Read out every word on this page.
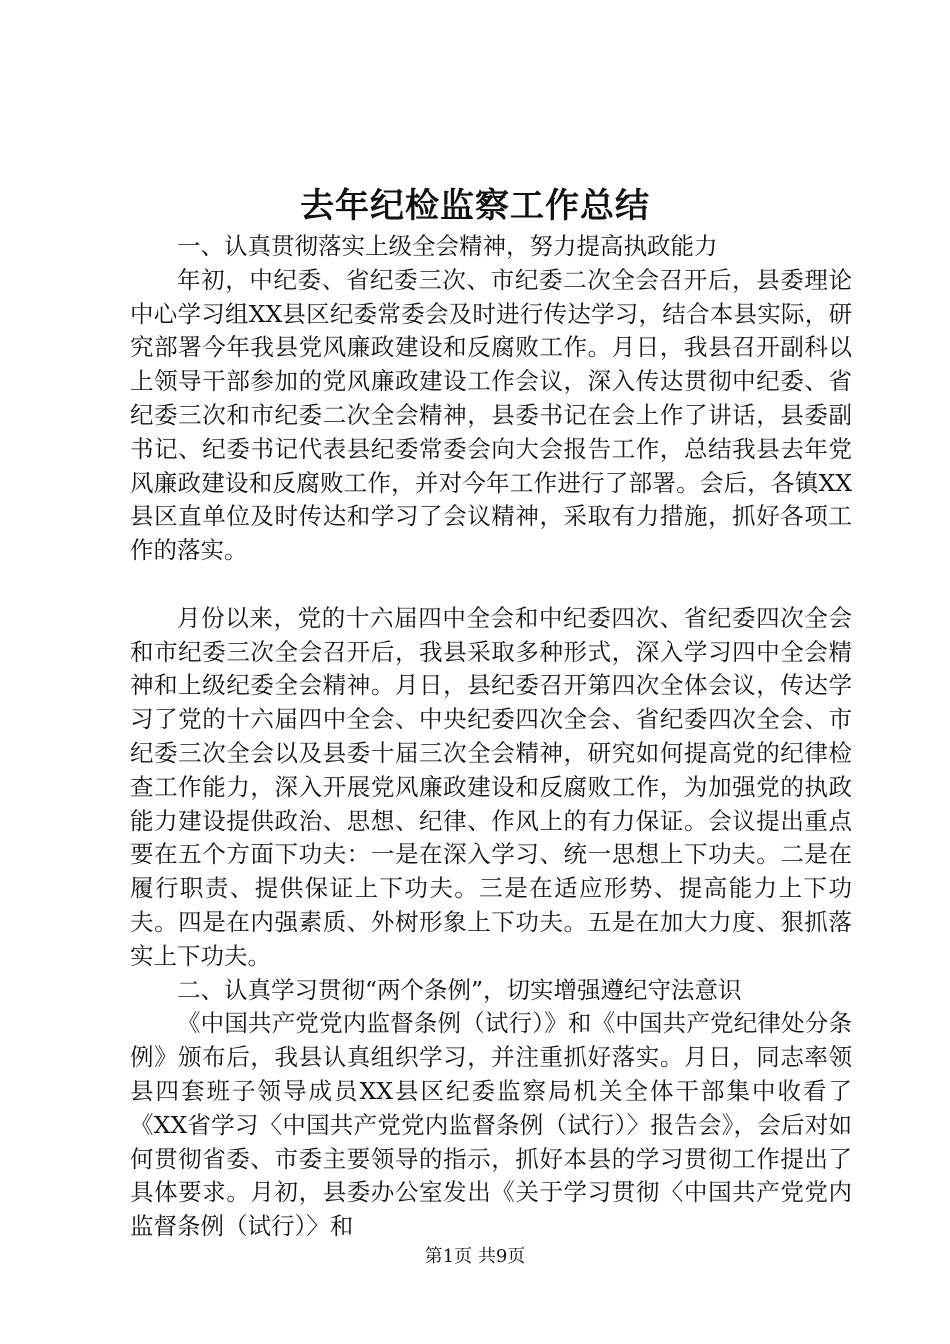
去年纪检监察工作总结

一、认真贯彻落实上级全会精神，努力提高执政能力

年初，中纪委、省纪委三次、市纪委二次全会召开后，县委理论中心学习组XX县区纪委常委会及时进行传达学习，结合本县实际，研究部署今年我县党风廉政建设和反腐败工作。月日，我县召开副科以上领导干部参加的党风廉政建设工作会议，深入传达贯彻中纪委、省纪委三次和市纪委二次全会精神，县委书记在会上作了讲话，县委副书记、纪委书记代表县纪委常委会向大会报告工作，总结我县去年党风廉政建设和反腐败工作，并对今年工作进行了部署。会后，各镇XX县区直单位及时传达和学习了会议精神，采取有力措施，抓好各项工作的落实。

月份以来，党的十六届四中全会和中纪委四次、省纪委四次全会和市纪委三次全会召开后，我县采取多种形式，深入学习四中全会精神和上级纪委全会精神。月日，县纪委召开第四次全体会议，传达学习了党的十六届四中全会、中央纪委四次全会、省纪委四次全会、市纪委三次全会以及县委十届三次全会精神，研究如何提高党的纪律检查工作能力，深入开展党风廉政建设和反腐败工作，为加强党的执政能力建设提供政治、思想、纪律、作风上的有力保证。会议提出重点要在五个方面下功夫：一是在深入学习、统一思想上下功夫。二是在履行职责、提供保证上下功夫。三是在适应形势、提高能力上下功夫。四是在内强素质、外树形象上下功夫。五是在加大力度、狠抓落实上下功夫。

二、认真学习贯彻“两个条例”，切实增强遵纪守法意识

《中国共产党党内监督条例（试行）》和《中国共产党纪律处分条例》颁布后，我县认真组织学习，并注重抓好落实。月日，同志率领县四套班子领导成员XX县区纪委监察局机关全体干部集中收看了《XX省学习〈中国共产党党内监督条例（试行）〉报告会》，会后对如何贯彻省委、市委主要领导的指示，抓好本县的学习贯彻工作提出了具体要求。月初，县委办公室发出《关于学习贯彻〈中国共产党党内监督条例（试行）〉和

第1页 共9页
